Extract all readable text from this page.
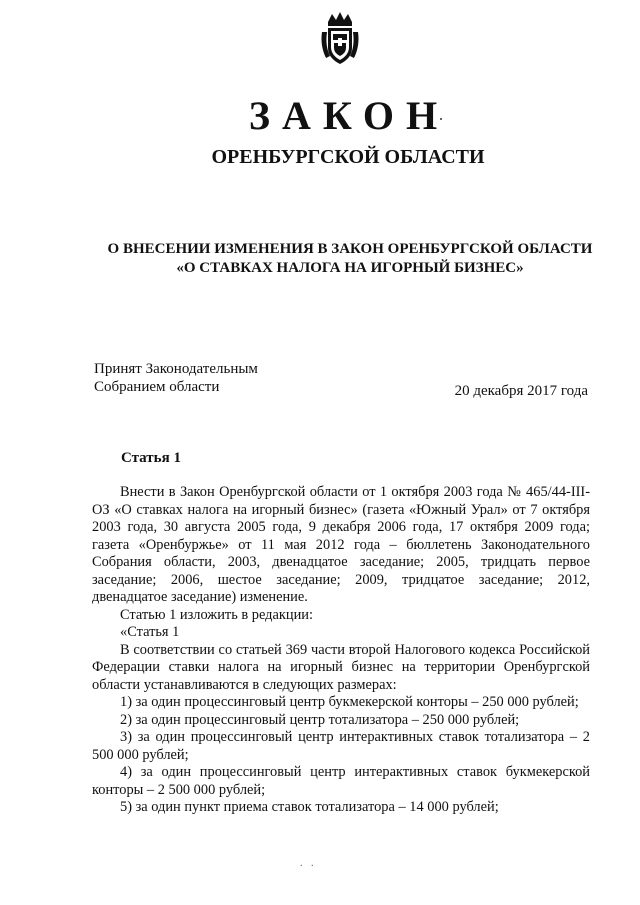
ЗАКОН
ОРЕНБУРГСКОЙ ОБЛАСТИ
О ВНЕСЕНИИ ИЗМЕНЕНИЯ В ЗАКОН ОРЕНБУРГСКОЙ ОБЛАСТИ
«О СТАВКАХ НАЛОГА НА ИГОРНЫЙ БИЗНЕС»
Принят Законодательным
Собранием области	20 декабря 2017 года
Статья 1

Внести в Закон Оренбургской области от 1 октября 2003 года № 465/44-III-ОЗ «О ставках налога на игорный бизнес» (газета «Южный Урал» от 7 октября 2003 года, 30 августа 2005 года, 9 декабря 2006 года, 17 октября 2009 года; газета «Оренбуржье» от 11 мая 2012 года – бюллетень Законодательного Собрания области, 2003, двенадцатое заседание; 2005, тридцать первое заседание; 2006, шестое заседание; 2009, тридцатое заседание; 2012, двенадцатое заседание) изменение.

Статью 1 изложить в редакции:

«Статья 1

В соответствии со статьей 369 части второй Налогового кодекса Российской Федерации ставки налога на игорный бизнес на территории Оренбургской области устанавливаются в следующих размерах:

1) за один процессинговый центр букмекерской конторы – 250 000 рублей;

2) за один процессинговый центр тотализатора – 250 000 рублей;

3) за один процессинговый центр интерактивных ставок тотализатора – 2 500 000 рублей;

4) за один процессинговый центр интерактивных ставок букмекерской конторы – 2 500 000 рублей;

5) за один пункт приема ставок тотализатора – 14 000 рублей;

. .
